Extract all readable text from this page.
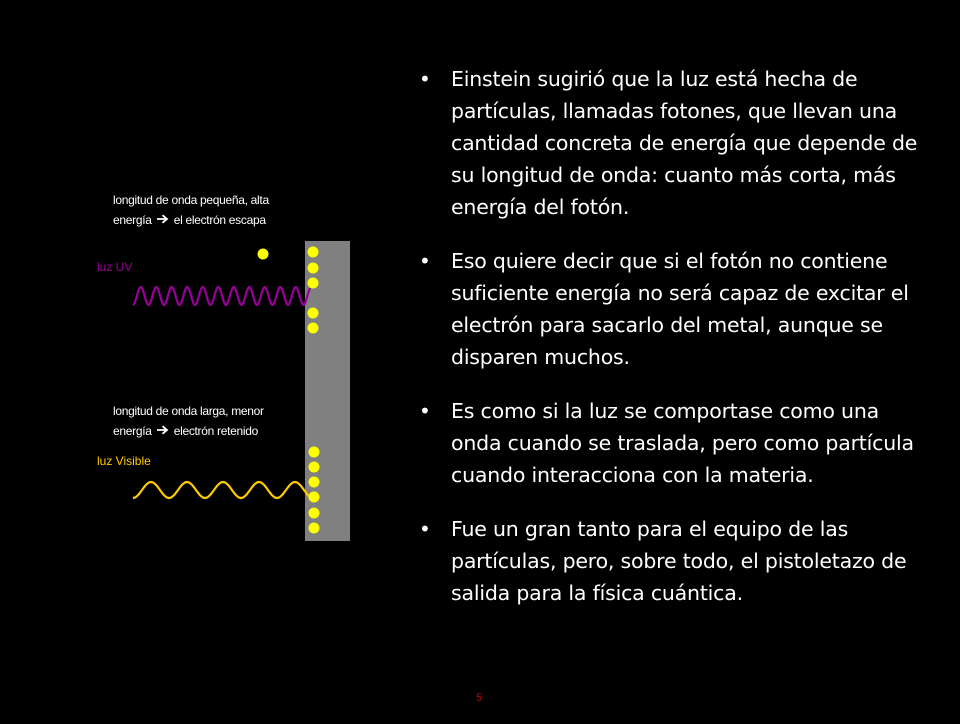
longitud de onda pequeña, alta
energía el electrón escapa
luz UV
longitud de onda larga, menor
energía electrón retenido
luz Visible
• Einstein sugirió que la luz está hecha de partículas, llamadas fotones, que llevan una cantidad concreta de energía que depende de su longitud de onda: cuanto más corta, más energía del fotón.
• Eso quiere decir que si el fotón no contiene suficiente energía no será capaz de excitar el electrón para sacarlo del metal, aunque se disparen muchos.
• Es como si la luz se comportase como una onda cuando se traslada, pero como partícula cuando interacciona con la materia.
• Fue un gran tanto para el equipo de las partículas, pero, sobre todo, el pistoletazo de salida para la física cuántica.
5
